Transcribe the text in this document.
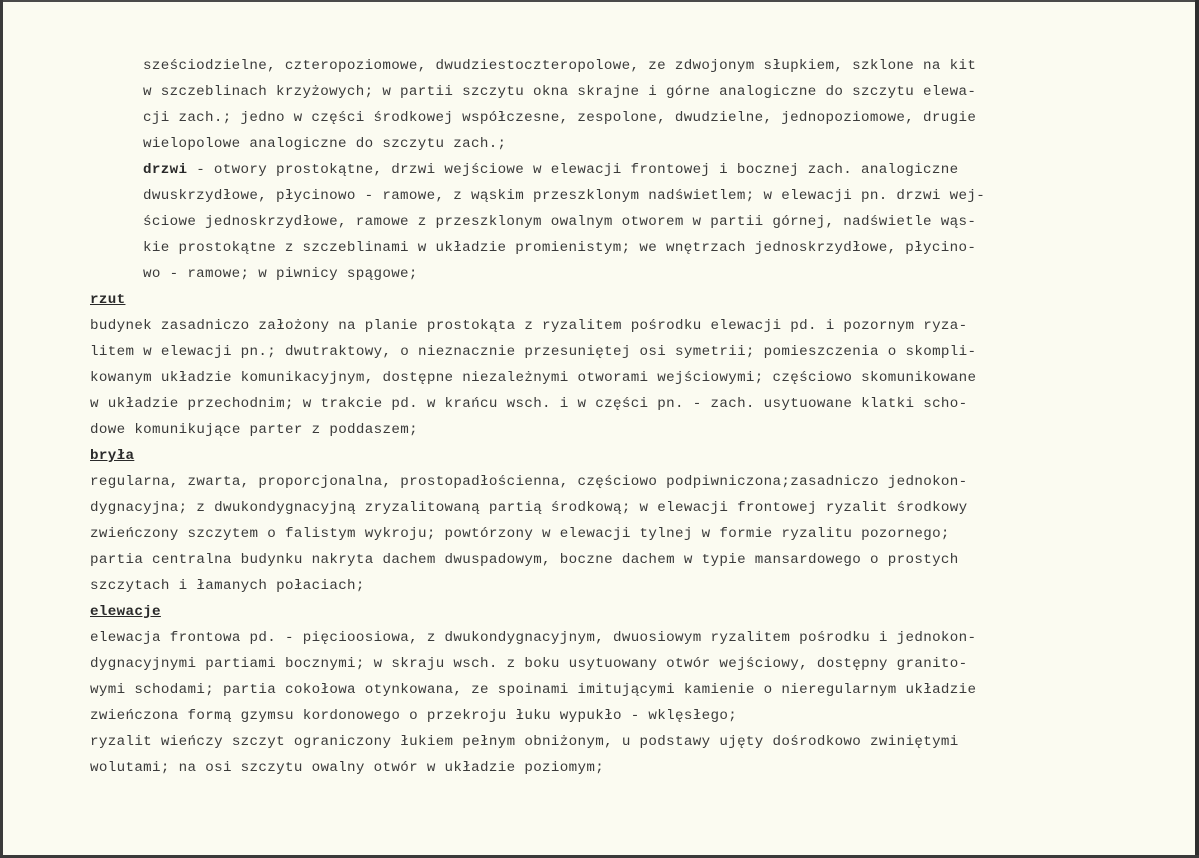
sześciodzielne, czteropoziomowe, dwudziestoczteropolowe, ze zdwojonym słupkiem, szklone na kit
w szczeblinach krzyżowych; w partii szczytu okna skrajne i górne analogiczne do szczytu elewa-
cji zach.; jedno w części środkowej współczesne, zespolone, dwudzielne, jednopoziomowe, drugie
wielopolowe analogiczne do szczytu zach.;
drzwi - otwory prostokątne, drzwi wejściowe w elewacji frontowej i bocznej zach. analogiczne
dwuskrzydłowe, płycinowo - ramowe, z wąskim przeszklonym nadświetlem; w elewacji pn. drzwi wej-
ściowe jednoskrzydłowe, ramowe z przeszklonym owalnym otworem w partii górnej, nadświetle wąs-
kie prostokątne z szczeblinami w układzie promienistym; we wnętrzach jednoskrzydłowe, płycino-
wo - ramowe; w piwnicy spągowe;
rzut
budynek zasadniczo założony na planie prostokąta z ryzalitem pośrodku elewacji pd. i pozornym ryza-
litem w elewacji pn.; dwutraktowy, o nieznacznie przesuniętej osi symetrii; pomieszczenia o skompli-
kowanym układzie komunikacyjnym, dostępne niezależnymi otworami wejściowymi; częściowo skomunikowane
w układzie przechodnim; w trakcie pd. w krańcu wsch. i w części pn. - zach. usytuowane klatki scho-
dowe komunikujące parter z poddaszem;
bryła
regularna, zwarta, proporcjonalna, prostopadłościenna, częściowo podpiwniczona;zasadniczo jednokon-
dygnacyjna; z dwukondygnacyjną zryzalitowaną partią środkową; w elewacji frontowej ryzalit środkowy
zwieńczony szczytem o falistym wykroju; powtórzony w elewacji tylnej w formie ryzalitu pozornego;
partia centralna budynku nakryta dachem dwuspadowym, boczne dachem w typie mansardowego o prostych
szczytach i łamanych połaciach;
elewacje
elewacja frontowa pd. - pięcioosiowa, z dwukondygnacyjnym, dwuosiowym ryzalitem pośrodku i jednokon-
dygnacyjnymi partiami bocznymi; w skraju wsch. z boku usytuowany otwór wejściowy, dostępny granito-
wymi schodami; partia cokołowa otynkowana, ze spoinami imitującymi kamienie o nieregularnym układzie
zwieńczona formą gzymsu kordonowego o przekroju łuku wypukło - wklęsłego;
ryzalit wieńczy szczyt ograniczony łukiem pełnym obniżonym, u podstawy ujęty dośrodkowo zwiniętymi
wolutami; na osi szczytu owalny otwór w układzie poziomym;
